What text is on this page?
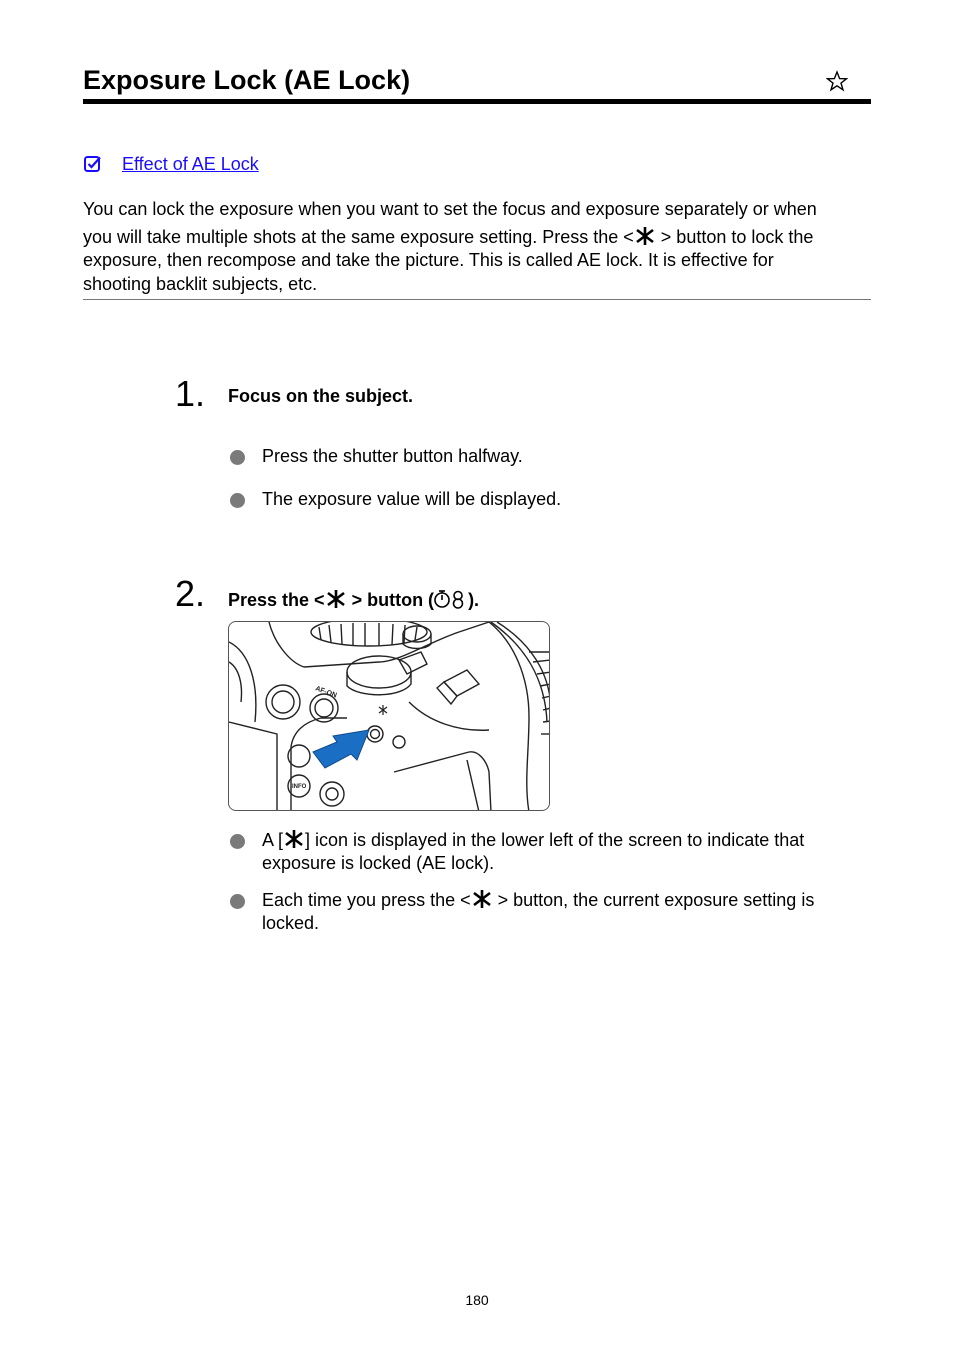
Exposure Lock (AE Lock)
Effect of AE Lock
You can lock the exposure when you want to set the focus and exposure separately or when
you will take multiple shots at the same exposure setting. Press the < > button to lock the
exposure, then recompose and take the picture. This is called AE lock. It is effective for
shooting backlit subjects, etc.
1. Focus on the subject.
Press the shutter button halfway.
The exposure value will be displayed.
2. Press the < > button ( ).
AF-ON
INFO
A [ ] icon is displayed in the lower left of the screen to indicate that
exposure is locked (AE lock).
Each time you press the < > button, the current exposure setting is
locked.
180
